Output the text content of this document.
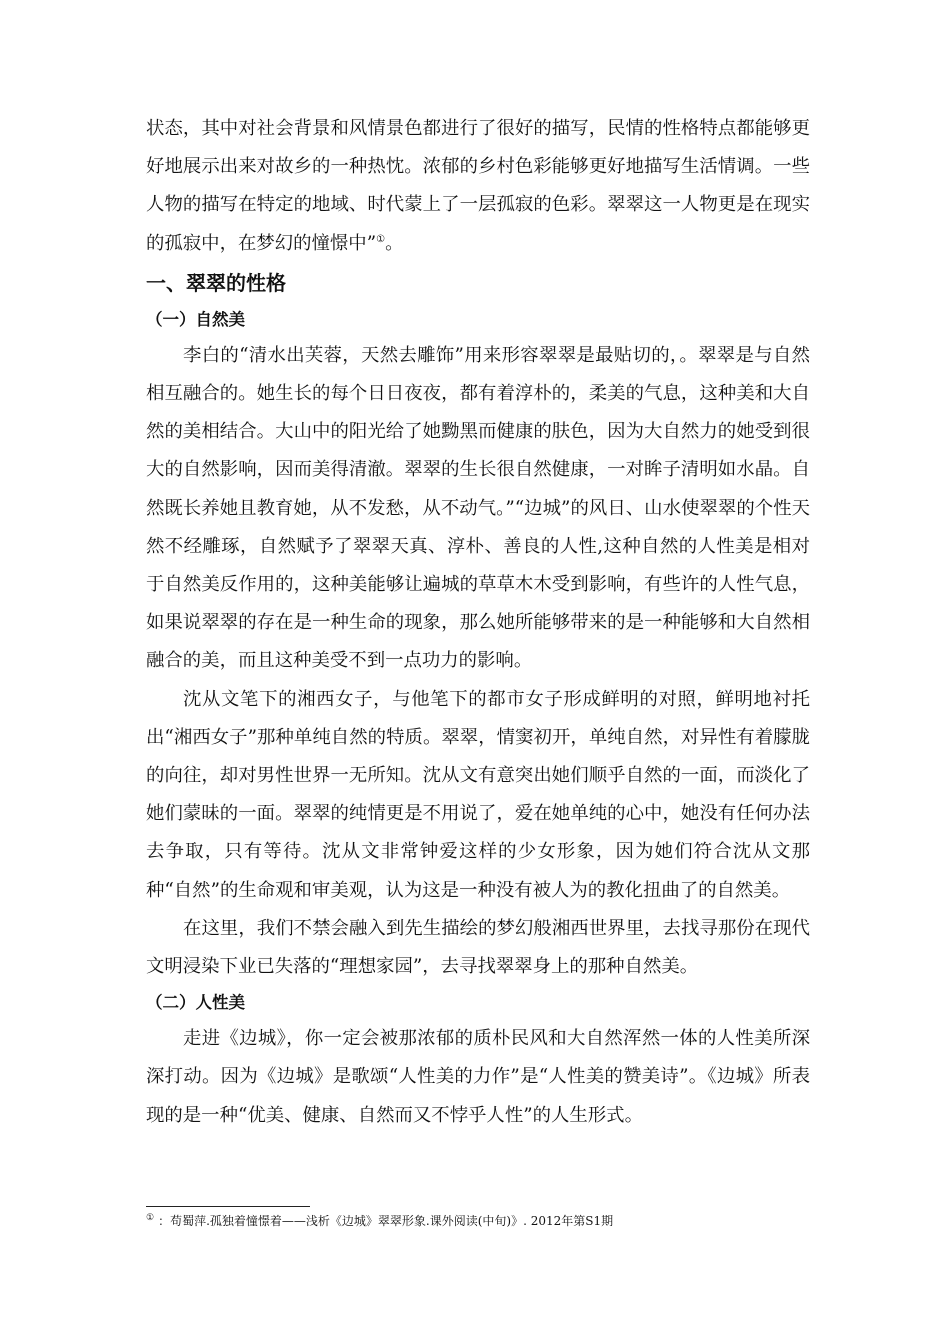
状态，其中对社会背景和风情景色都进行了很好的描写，民情的性格特点都能够更好地展示出来对故乡的一种热忱。浓郁的乡村色彩能够更好地描写生活情调。一些人物的描写在特定的地域、时代蒙上了一层孤寂的色彩。翠翠这一人物更是在现实的孤寂中，在梦幻的憧憬中”①。

一、翠翠的性格
（一）自然美

李白的“清水出芙蓉，天然去雕饰”用来形容翠翠是最贴切的，。翠翠是与自然相互融合的。她生长的每个日日夜夜，都有着淳朴的，柔美的气息，这种美和大自然的美相结合。大山中的阳光给了她黝黑而健康的肤色，因为大自然力的她受到很大的自然影响，因而美得清澈。翠翠的生长很自然健康，一对眸子清明如水晶。自然既长养她且教育她，从不发愁，从不动气。”“边城”的风日、山水使翠翠的个性天然不经雕琢，自然赋予了翠翠天真、淳朴、善良的人性,这种自然的人性美是相对于自然美反作用的，这种美能够让遍城的草草木木受到影响，有些许的人性气息，如果说翠翠的存在是一种生命的现象，那么她所能够带来的是一种能够和大自然相融合的美，而且这种美受不到一点功力的影响。

沈从文笔下的湘西女子，与他笔下的都市女子形成鲜明的对照，鲜明地衬托出“湘西女子”那种单纯自然的特质。翠翠，情窦初开，单纯自然，对异性有着朦胧的向往，却对男性世界一无所知。沈从文有意突出她们顺乎自然的一面，而淡化了她们蒙昧的一面。翠翠的纯情更是不用说了，爱在她单纯的心中，她没有任何办法去争取，只有等待。沈从文非常钟爱这样的少女形象，因为她们符合沈从文那种“自然”的生命观和审美观，认为这是一种没有被人为的教化扭曲了的自然美。

在这里，我们不禁会融入到先生描绘的梦幻般湘西世界里，去找寻那份在现代文明浸染下业已失落的“理想家园”，去寻找翠翠身上的那种自然美。

（二）人性美

走进《边城》，你一定会被那浓郁的质朴民风和大自然浑然一体的人性美所深深打动。因为《边城》是歌颂“人性美的力作”是“人性美的赞美诗”。《边城》所表现的是一种“优美、健康、自然而又不悖乎人性”的人生形式。

① ：苟蜀萍.孤独着憧憬着——浅析《边城》翠翠形象.课外阅读(中旬)》. 2012年第S1期
